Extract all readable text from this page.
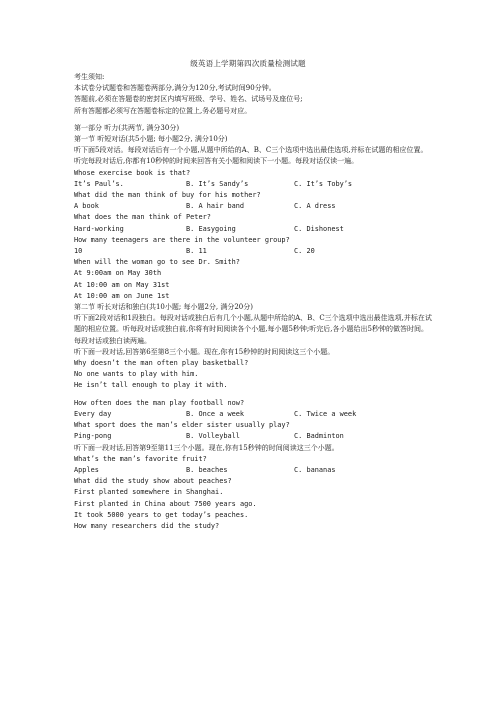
级英语上学期第四次质量检测试题
考生须知:
本试卷分试题卷和答题卷两部分,满分为120分,考试时间90分钟。
答题前,必须在答题卷的密封区内填写班级、学号、姓名、试场号及座位号;
所有答题都必须写在答题卷标定的位置上,务必题号对应。
第一部分 听力(共两节, 满分30分)
第一节 听短对话(共5小题; 每小题2分, 满分10分)
听下面5段对话。每段对话后有一个小题,从题中所给的A、B、C三个选项中选出最佳选项,并标在试题的相应位置。听完每段对话后,你都有10秒钟的时间来回答有关小题和阅读下一小题。每段对话仅读一遍。
Whose exercise book is that?
It’s Paul’s.	B. It’s Sandy’s	C. It’s Toby’s
What did the man think of buy for his mother?
A book	B. A hair band	C. A dress
What does the man think of Peter?
Hard-working	B. Easygoing	C. Dishonest
How many teenagers are there in the volunteer group?
10	B. 11	C. 20
When will the woman go to see Dr. Smith?
At 9:00am on May 30th
At 10:00 am on May 31st
At 10:00 am on June 1st
第二节 听长对话和独白(共10小题; 每小题2分, 满分20分)
听下面2段对话和1段独白。每段对话或独白后有几个小题,从题中所给的A、B、C三个选项中选出最佳选项,并标在试题的相应位置。听每段对话或独白前,你将有时间阅读各个小题,每小题5秒钟;听完后,各小题给出5秒钟的做答时间。每段对话或独白读两遍。
听下面一段对话,回答第6至第8三个小题。现在,你有15秒钟的时间阅读这三个小题。
Why doesn’t the man often play basketball?
No one wants to play with him.
He isn’t tall enough to play it with.
How often does the man play football now?
Every day	B. Once a week	C. Twice a week
What sport does the man’s elder sister usually play?
Ping-pong	B. Volleyball	C. Badminton
听下面一段对话,回答第9至第11三个小题。现在,你有15秒钟的时间阅读这三个小题。
What’s the man’s favorite fruit?
Apples	B. beaches	C. bananas
What did the study show about peaches?
First planted somewhere in Shanghai.
First planted in China about 7500 years ago.
It took 5000 years to get today’s peaches.
How many researchers did the study?
